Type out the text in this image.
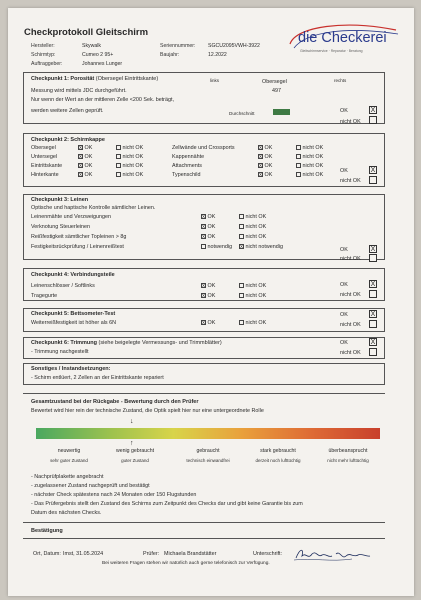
Checkprotokoll Gleitschirm
Hersteller:	Skywalk
Schirmtyp:	Cumeo 2 95+
Auftraggeber:	Johannes Lunger
Seriennummer: SGCU2095VWH-3922
Baujahr:	12.2022
die Checkerei
Gleitschirmservice · Reparatur · Beratung
Checkpunkt 1: Porosität (Obersegel Eintrittskante)	links	Obersegel	rechts
Messung wird mittels JDC durchgeführt.	497
Nur wenn der Wert an der mittleren Zelle <200 Sek. beträgt,
werden weitere Zellen geprüft.	Durchschnitt	OK	X
nicht OK
Checkpunkt 2: Schirmkappe
Obersegel	X OK	nicht OK
Untersegel	X OK	nicht OK
Eintrittskante	X OK	nicht OK
Hinterkante	X OK	nicht OK
Zellwände und Crossports	X OK	nicht OK
Kappennähte	X OK	nicht OK
Attachments	X OK	nicht OK
Typenschild	X OK	nicht OK
OK	X
nicht OK
Checkpunkt 3: Leinen
Optische und haptische Kontrolle sämtlicher Leinen.
Leinenmähte und Verzweigungen	X OK	nicht OK
Verknotung Steuerleinen	X OK	nicht OK
Reißfestigkeit sämtlicher Topleinen > 8g	X OK	nicht OK
Festigkeitsrückprüfung / Leinenreißtest	notwendig X nicht notwendig	OK	X
nicht OK
Checkpunkt 4: Verbindungsteile
Leinenschlösser / Softlinks	X OK	nicht OK
Tragegurte	X OK	nicht OK
OK	X
nicht OK
Checkpunkt 5: Bettsometer-Test
Weiterreißfestigkeit ist höher als 6N	X OK	nicht OK
OK	X
nicht OK
Checkpunkt 6: Trimmung (siehe beigelegte Vermessungs- und Trimmblätter)
- Trimmung nachgestellt
OK	X
nicht OK
Sonstiges / Instandsetzungen:
- Schirm entlüert, 2 Zellen an der Eintrittskante repariert
Gesamtzustand bei der Rückgabe - Bewertung durch den Prüfer
Bewertet wird hier rein der technische Zustand, die Optik spielt hier nur eine untergeordnete Rolle
↓
↑
neuwertig
sehr guter Zustand
wenig gebraucht
guter Zustand
gebraucht
technisch einwandfrei
stark gebraucht
derzeit noch lufttüchtig
überbeansprucht
nicht mehr lufttüchtig
- Nachprüfplakette angebracht
- zugelassener Zustand nachgeprüft und bestätigt
- nächster Check spätestens nach 24 Monaten oder 150 Flugstunden
- Das Prüfergebnis stellt den Zustand des Schirms zum Zeitpunkt des Checks dar und gibt keine Garantie bis zum
Datum des nächsten Checks.
Bestätigung
Ort, Datum: Imst, 31.05.2024	Prüfer: Michaela Brandstätter	Unterschrift:
Bei weiteren Fragen stehen wir natürlich auch gerne telefonisch zur Verfügung.
